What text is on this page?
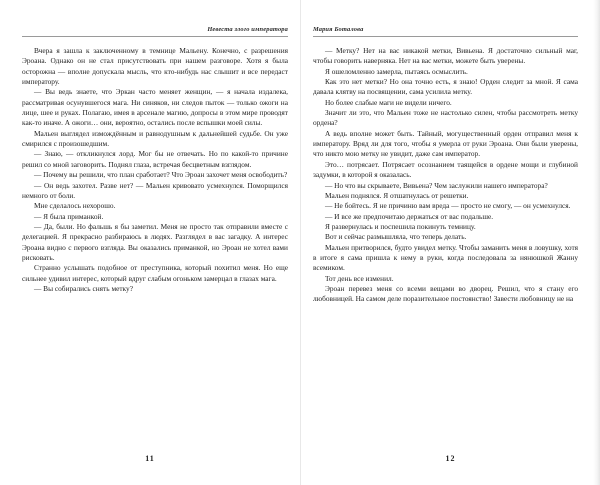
Невеста злого императора

Вчера я зашла к заключенному в темнице Мальену. Конечно, с разрешения Эроана. Однако он не стал присутствовать при нашем разговоре. Хотя я была осторожна — вполне допускала мысль, что кто-нибудь нас слышит и все передаст императору.

— Вы ведь знаете, что Эркан часто меняет женщин, — я начала издалека, рассматривая осунувшегося мага. Ни синяков, ни следов пыток — только ожоги на лице, шее и руках. Полагаю, имея в арсенале магию, допросы в этом мире проводят как-то иначе. А ожоги… они, вероятно, остались после вспышки моей силы.

Мальен выглядел измождённым и равнодушным к дальнейшей судьбе. Он уже смирился с произошедшим.

— Знаю, — откликнулся лорд. Мог бы не отвечать. Но по какой-то причине решил со мной заговорить. Поднял глаза, встречая бесцветным взглядом.

— Почему вы решили, что план сработает? Что Эроан захочет меня освободить?

— Он ведь захотел. Разве нет? — Мальен кривовато усмехнулся. Поморщился немного от боли.

Мне сделалось нехорошо.

— Я была приманкой.

— Да, были. Но фальшь я бы заметил. Меня не просто так отправили вместе с делегацией. Я прекрасно разбираюсь в людях. Разглядел в вас загадку. А интерес Эроана видно с первого взгляда. Вы оказались приманкой, но Эроан не хотел вами рисковать.

Странно услышать подобное от преступника, который похитил меня. Но еще сильнее удивил интерес, который вдруг слабым огоньком замерцал в глазах мага.

— Вы собирались снять метку?

11
Мария Боталова

— Метку? Нет на вас никакой метки, Вивьена. Я достаточно сильный маг, чтобы говорить наверняка. Нет на вас метки, можете быть уверены.

Я ошеломленно замерла, пытаясь осмыслить.

Как это нет метки? Но она точно есть, я знаю! Орден следит за мной. Я сама давала клятву на посвящении, сама усилила метку.

Но более слабые маги не видели ничего.

Значит ли это, что Мальен тоже не настолько силен, чтобы рассмотреть метку ордена?

А ведь вполне может быть. Тайный, могущественный орден отправил меня к императору. Вряд ли для того, чтобы я умерла от руки Эроана. Они были уверены, что никто мою метку не увидит, даже сам император.

Это… потрясает. Потрясает осознанием таящейся в ордене мощи и глубиной задумки, в которой я оказалась.

— Но что вы скрываете, Вивьена? Чем заслужили нашего императора?

Мальен поднялся. Я отшатнулась от решетки.

— Не бойтесь. Я не причиню вам вреда — просто не смогу, — он усмехнулся.

— И все же предпочитаю держаться от вас подальше.

Я развернулась и поспешила покинуть темницу.

Вот и сейчас размышляла, что теперь делать.

Мальен притворился, будто увидел метку. Чтобы заманить меня в ловушку, хотя в итоге я сама пришла к нему в руки, когда последовала за нянюшкой Жанну всемиком.

Тот день все изменил.

Эроан перевез меня со всеми вещами во дворец. Решил, что я стану его любовницей. На самом деле поразительное постоянство! Завести любовницу не на

12
